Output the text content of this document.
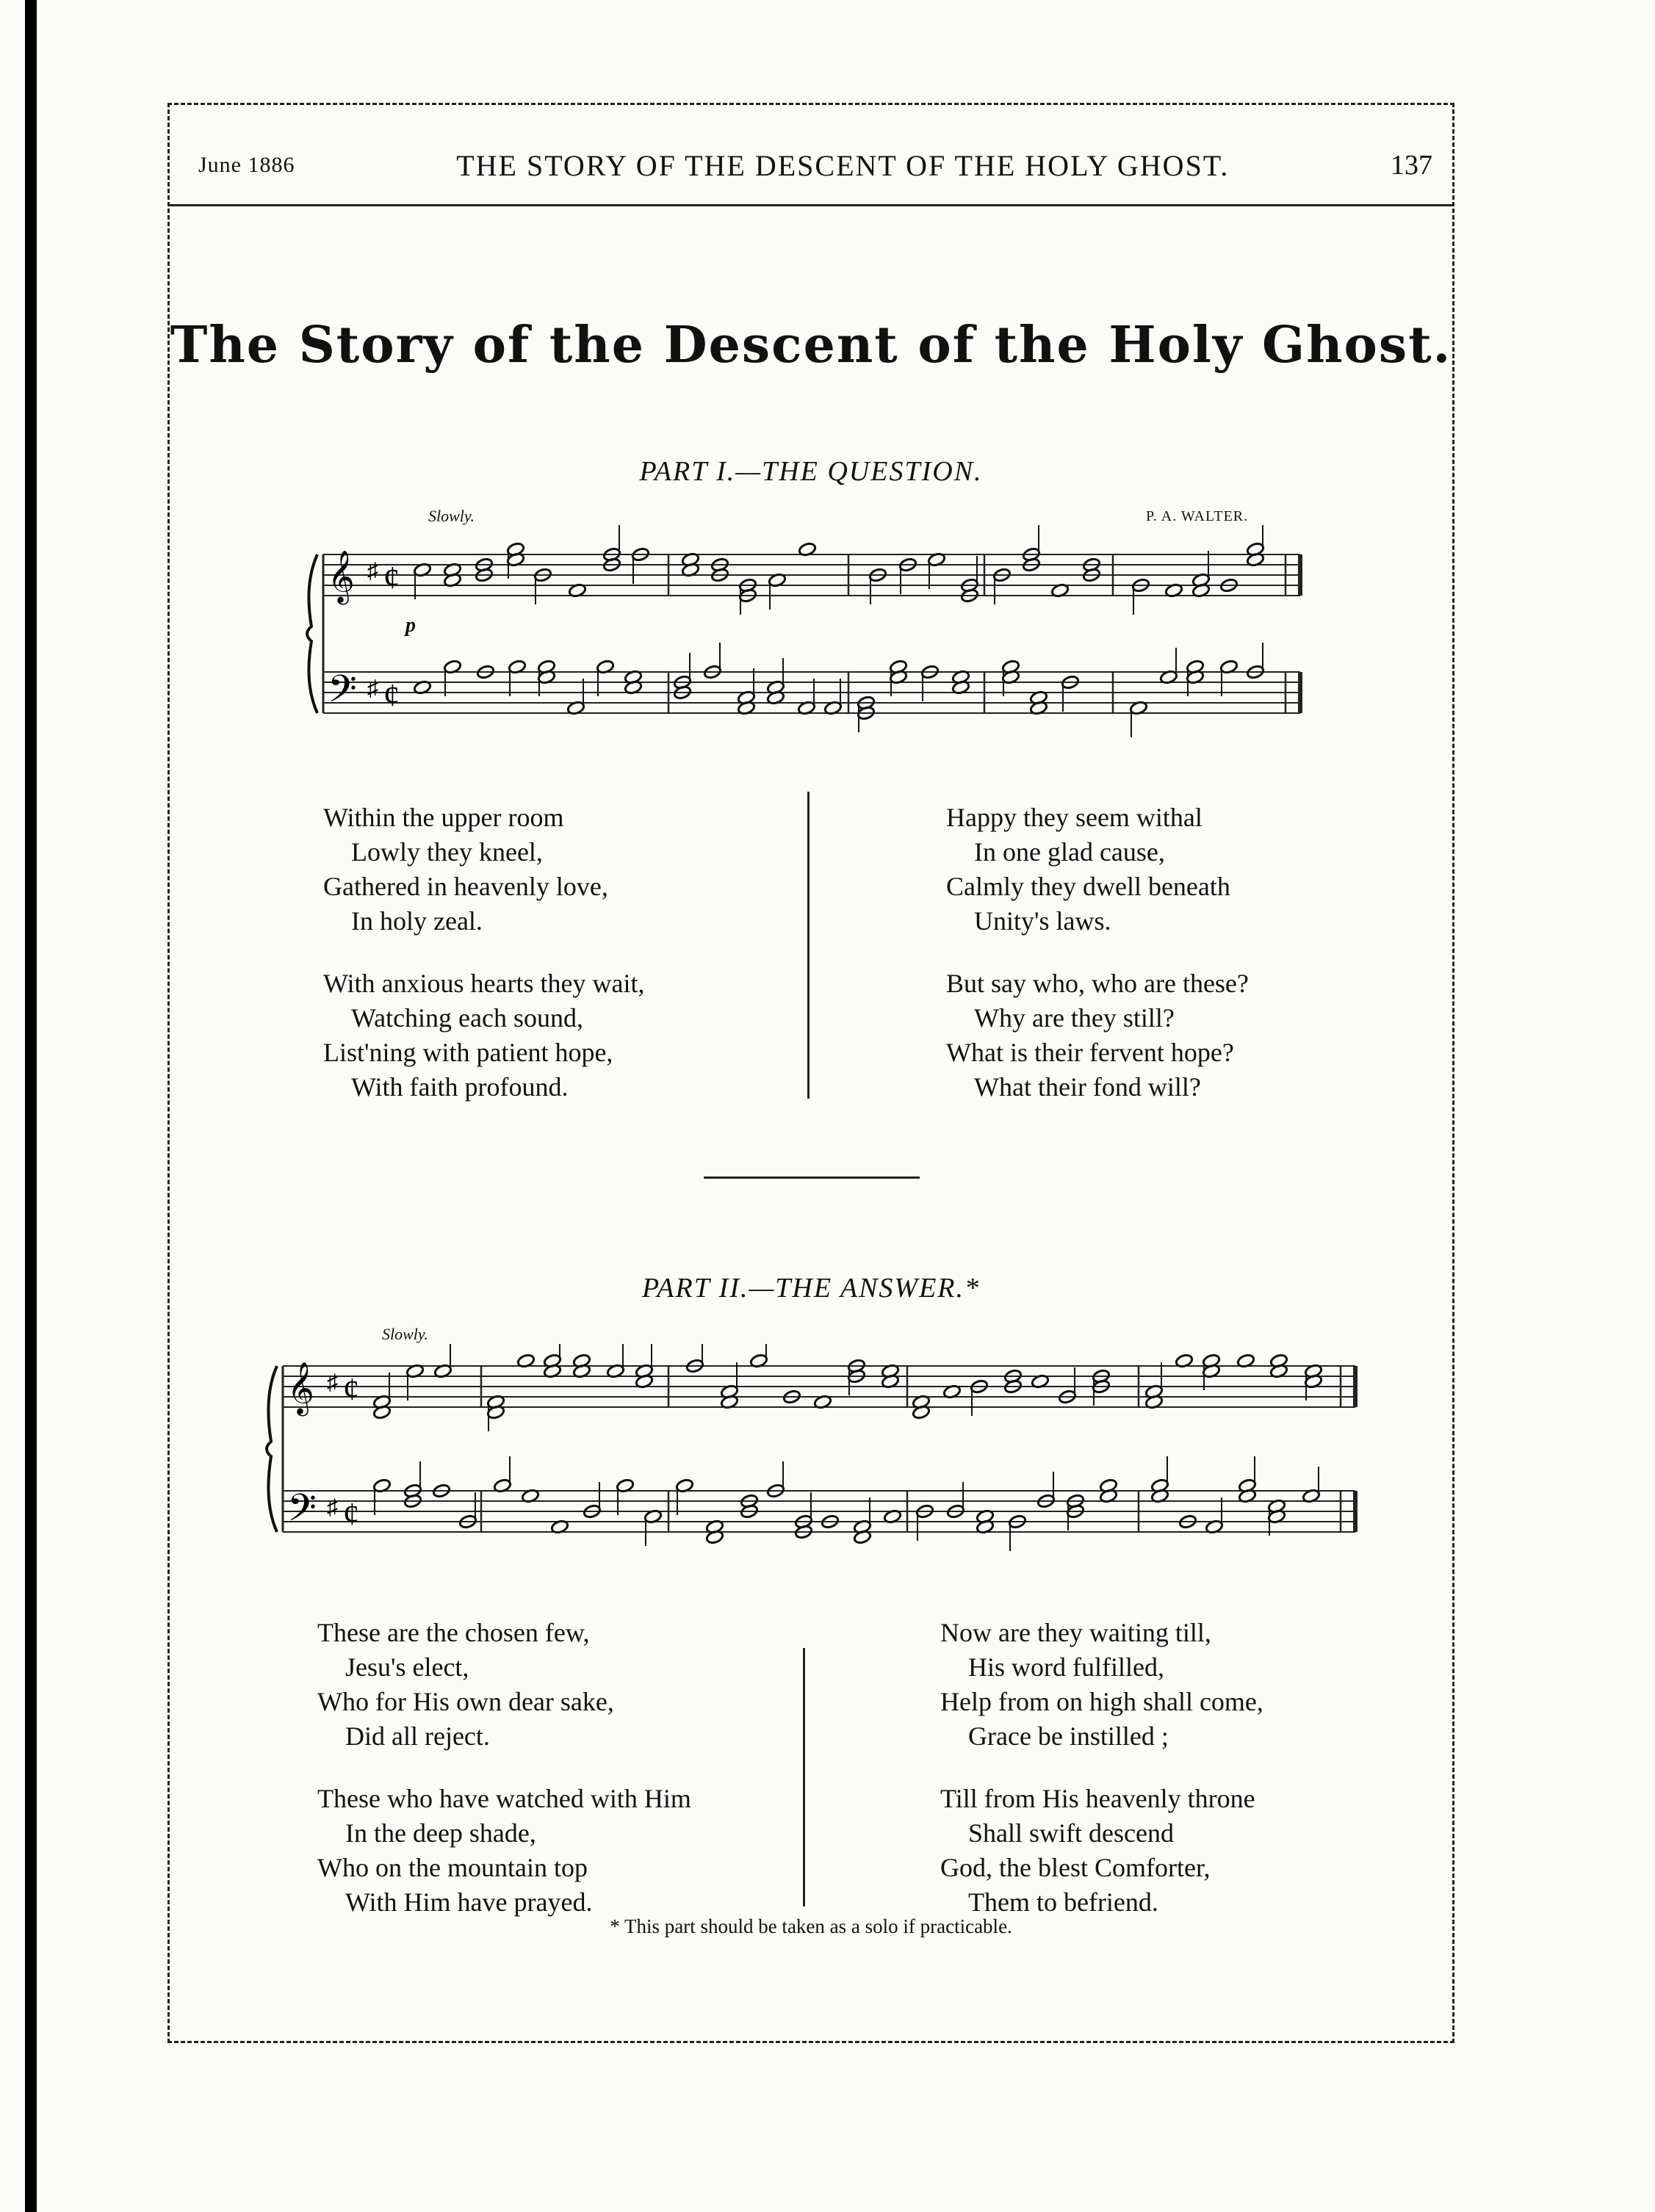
June 1886	THE STORY OF THE DESCENT OF THE HOLY GHOST.	137
The Story of the Descent of the Holy Ghost.
PART I.—THE QUESTION.
Slowly.	P. A. WALTER.
𝄞 ♯ ¢
𝄢 ♯ ¢
p
Within the upper room
Lowly they kneel,
Gathered in heavenly love,
In holy zeal.
With anxious hearts they wait,
Watching each sound,
List'ning with patient hope,
With faith profound.
Happy they seem withal
In one glad cause,
Calmly they dwell beneath
Unity's laws.
But say who, who are these?
Why are they still?
What is their fervent hope?
What their fond will?
PART II.—THE ANSWER.*
Slowly.
𝄞 ♯ ¢
𝄢 ♯ ¢
These are the chosen few,
Jesu's elect,
Who for His own dear sake,
Did all reject.
These who have watched with Him
In the deep shade,
Who on the mountain top
With Him have prayed.
Now are they waiting till,
His word fulfilled,
Help from on high shall come,
Grace be instilled ;
Till from His heavenly throne
Shall swift descend
God, the blest Comforter,
Them to befriend.
* This part should be taken as a solo if practicable.
